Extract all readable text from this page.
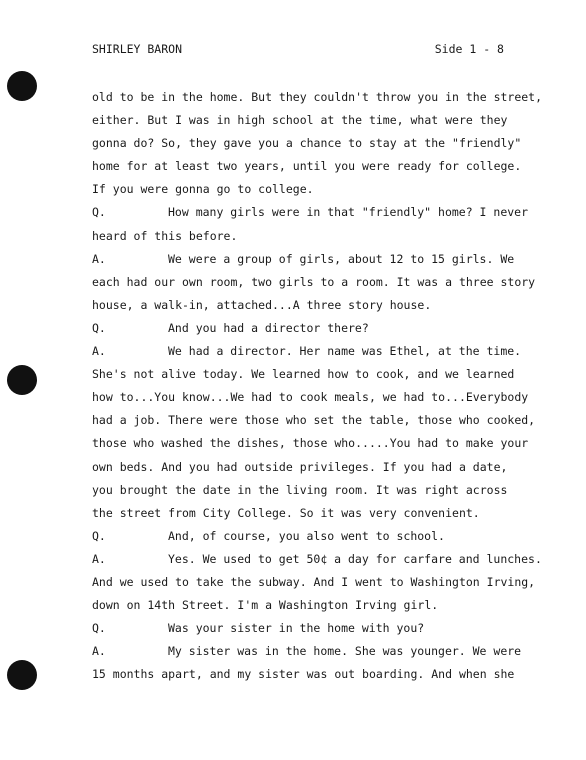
SHIRLEY BARON	Side 1 - 8
old to be in the home. But they couldn't throw you in the street,
either. But I was in high school at the time, what were they
gonna do? So, they gave you a chance to stay at the "friendly"
home for at least two years, until you were ready for college.
If you were gonna go to college.
Q.	How many girls were in that "friendly" home? I never
heard of this before.
A.	We were a group of girls, about 12 to 15 girls. We
each had our own room, two girls to a room. It was a three story
house, a walk-in, attached...A three story house.
Q.	And you had a director there?
A.	We had a director. Her name was Ethel, at the time.
She's not alive today. We learned how to cook, and we learned
how to...You know...We had to cook meals, we had to...Everybody
had a job. There were those who set the table, those who cooked,
those who washed the dishes, those who.....You had to make your
own beds. And you had outside privileges. If you had a date,
you brought the date in the living room. It was right across
the street from City College. So it was very convenient.
Q.	And, of course, you also went to school.
A.	Yes. We used to get 50¢ a day for carfare and lunches.
And we used to take the subway. And I went to Washington Irving,
down on 14th Street. I'm a Washington Irving girl.
Q.	Was your sister in the home with you?
A.	My sister was in the home. She was younger. We were
15 months apart, and my sister was out boarding. And when she
